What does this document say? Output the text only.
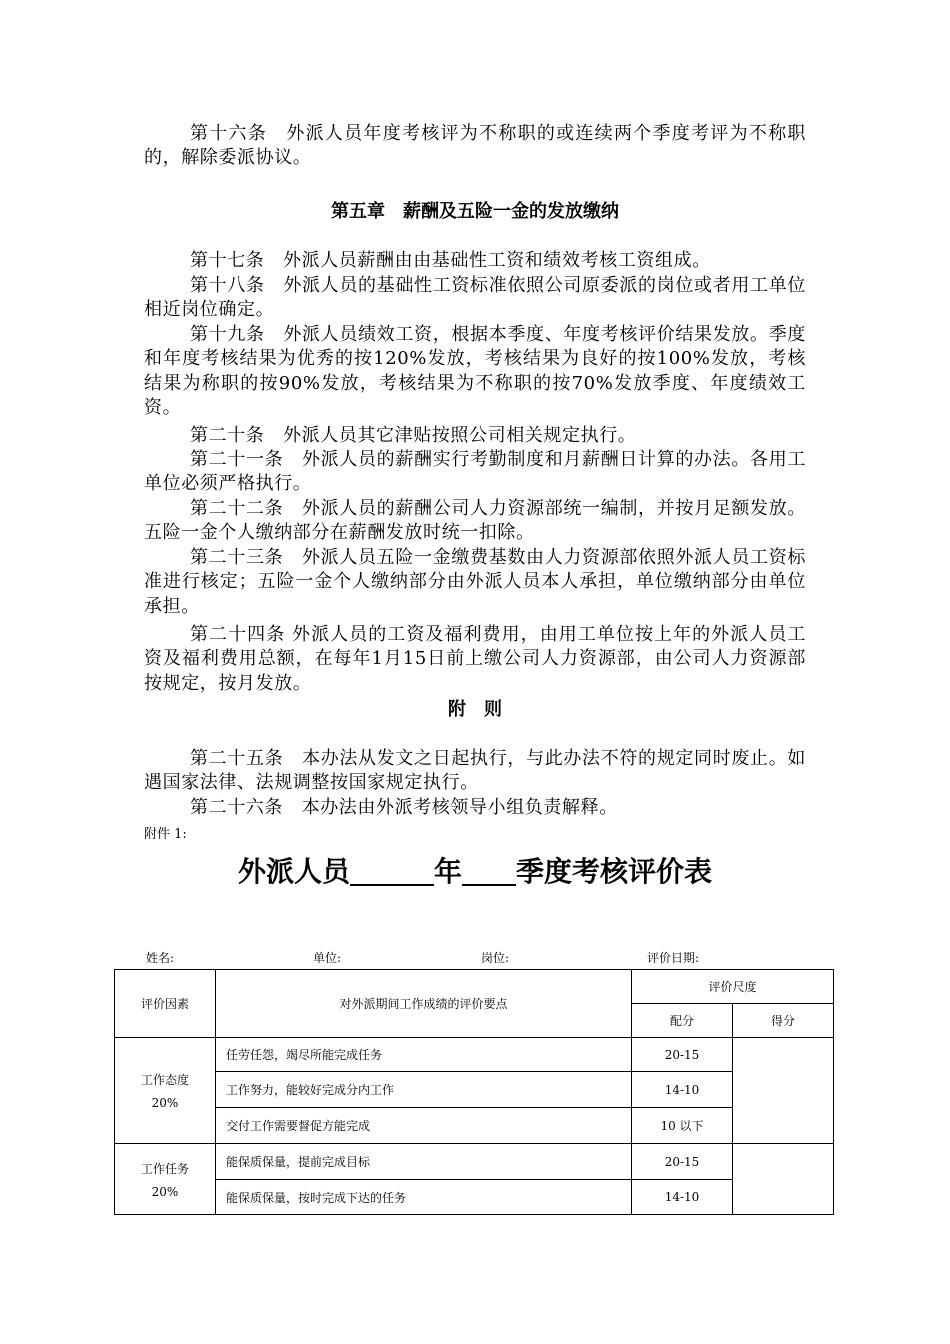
第十六条　外派人员年度考核评为不称职的或连续两个季度考评为不称职的，解除委派协议。

第五章　薪酬及五险一金的发放缴纳

第十七条　外派人员薪酬由由基础性工资和绩效考核工资组成。

第十八条　外派人员的基础性工资标准依照公司原委派的岗位或者用工单位相近岗位确定。

第十九条　外派人员绩效工资，根据本季度、年度考核评价结果发放。季度和年度考核结果为优秀的按120%发放，考核结果为良好的按100%发放，考核结果为称职的按90%发放，考核结果为不称职的按70%发放季度、年度绩效工资。

第二十条　外派人员其它津贴按照公司相关规定执行。

第二十一条　外派人员的薪酬实行考勤制度和月薪酬日计算的办法。各用工单位必须严格执行。

第二十二条　外派人员的薪酬公司人力资源部统一编制，并按月足额发放。五险一金个人缴纳部分在薪酬发放时统一扣除。

第二十三条　外派人员五险一金缴费基数由人力资源部依照外派人员工资标准进行核定；五险一金个人缴纳部分由外派人员本人承担，单位缴纳部分由单位承担。

第二十四条 外派人员的工资及福利费用，由用工单位按上年的外派人员工资及福利费用总额，在每年1月15日前上缴公司人力资源部，由公司人力资源部按规定，按月发放。

附　则

第二十五条　本办法从发文之日起执行，与此办法不符的规定同时废止。如遇国家法律、法规调整按国家规定执行。

第二十六条　本办法由外派考核领导小组负责解释。

附件 1:

外派人员	年 季度考核评价表
姓名:	单位:	岗位:	评价日期:
评价因素	对外派期间工作成绩的评价要点	评价尺度	
		配分	得分
工作态度
20%	任劳任怨，竭尽所能完成任务	20-15	
	工作努力，能较好完成分内工作	14-10	
	交付工作需要督促方能完成	10 以下	
工作任务
20%	能保质保量，提前完成目标	20-15	
	能保质保量，按时完成下达的任务	14-10	
